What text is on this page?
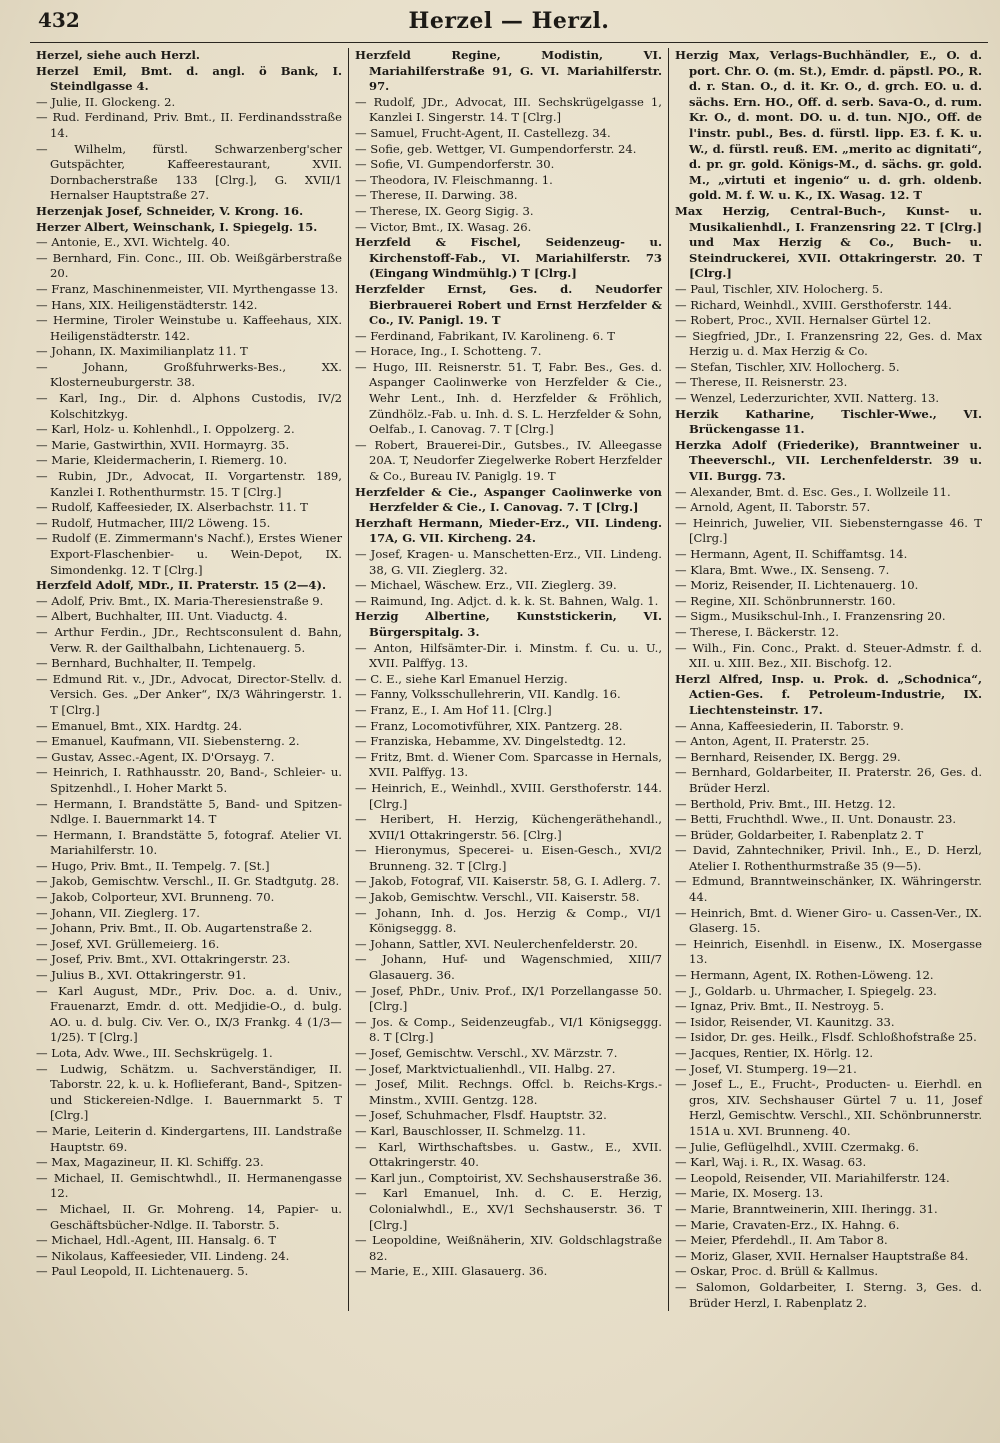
432	Herzel — Herzl.

Herzel, siehe auch Herzl.

Herzel Emil, Bmt. d. angl. ö Bank, I. Steindlgasse 4.

— Julie, II. Glockeng. 2.

— Rud. Ferdinand, Priv. Bmt., II. Ferdinandsstraße 14.

— Wilhelm, fürstl. Schwarzenberg'scher Gutspächter, Kaffeerestaurant, XVII. Dornbacherstraße 133 [Clrg.], G. XVII/1 Hernalser Hauptstraße 27.

Herzenjak Josef, Schneider, V. Krong. 16.

Herzer Albert, Weinschank, I. Spiegelg. 15.

— Antonie, E., XVI. Wichtelg. 40.

— Bernhard, Fin. Conc., III. Ob. Weißgärberstraße 20.

— Franz, Maschinenmeister, VII. Myrthengasse 13.

— Hans, XIX. Heiligenstädterstr. 142.

— Hermine, Tiroler Weinstube u. Kaffeehaus, XIX. Heiligenstädterstr. 142.

— Johann, IX. Maximilianplatz 11. T

— Johann, Großfuhrwerks-Bes., XX. Klosterneuburgerstr. 38.

— Karl, Ing., Dir. d. Alphons Custodis, IV/2 Kolschitzkyg.

— Karl, Holz- u. Kohlenhdl., I. Oppolzerg. 2.

— Marie, Gastwirthin, XVII. Hormayrg. 35.

— Marie, Kleidermacherin, I. Riemerg. 10.

— Rubin, JDr., Advocat, II. Vorgartenstr. 189, Kanzlei I. Rothenthurmstr. 15. T [Clrg.]

— Rudolf, Kaffeesieder, IX. Alserbachstr. 11. T

— Rudolf, Hutmacher, III/2 Löweng. 15.

— Rudolf (E. Zimmermann's Nachf.), Erstes Wiener Export-Flaschenbier- u. Wein-Depot, IX. Simondenkg. 12. T [Clrg.]

Herzfeld Adolf, MDr., II. Praterstr. 15 (2—4).

— Adolf, Priv. Bmt., IX. Maria-Theresienstraße 9.

— Albert, Buchhalter, III. Unt. Viaductg. 4.

— Arthur Ferdin., JDr., Rechtsconsulent d. Bahn, Verw. R. der Gailthalbahn, Lichtenauerg. 5.

— Bernhard, Buchhalter, II. Tempelg.

— Edmund Rit. v., JDr., Advocat, Director-Stellv. d. Versich. Ges. „Der Anker“, IX/3 Währingerstr. 1. T [Clrg.]

— Emanuel, Bmt., XIX. Hardtg. 24.

— Emanuel, Kaufmann, VII. Siebensterng. 2.

— Gustav, Assec.-Agent, IX. D'Orsayg. 7.

— Heinrich, I. Rathhausstr. 20, Band-, Schleier- u. Spitzenhdl., I. Hoher Markt 5.

— Hermann, I. Brandstätte 5, Band- und Spitzen-Ndlge. I. Bauernmarkt 14. T

— Hermann, I. Brandstätte 5, fotograf. Atelier VI. Mariahilferstr. 10.

— Hugo, Priv. Bmt., II. Tempelg. 7. [St.]

— Jakob, Gemischtw. Verschl., II. Gr. Stadtgutg. 28.

— Jakob, Colporteur, XVI. Brunneng. 70.

— Johann, VII. Zieglerg. 17.

— Johann, Priv. Bmt., II. Ob. Augartenstraße 2.

— Josef, XVI. Grüllemeierg. 16.

— Josef, Priv. Bmt., XVI. Ottakringerstr. 23.

— Julius B., XVI. Ottakringerstr. 91.

— Karl August, MDr., Priv. Doc. a. d. Univ., Frauenarzt, Emdr. d. ott. Medjidie-O., d. bulg. AO. u. d. bulg. Civ. Ver. O., IX/3 Frankg. 4 (1/3—1/25). T [Clrg.]

— Lota, Adv. Wwe., III. Sechskrügelg. 1.

— Ludwig, Schätzm. u. Sachverständiger, II. Taborstr. 22, k. u. k. Hoflieferant, Band-, Spitzen- und Stickereien-Ndlge. I. Bauernmarkt 5. T [Clrg.]

— Marie, Leiterin d. Kindergartens, III. Landstraße Hauptstr. 69.

— Max, Magazineur, II. Kl. Schiffg. 23.

— Michael, II. Gemischtwhdl., II. Hermanengasse 12.

— Michael, II. Gr. Mohreng. 14, Papier- u. Geschäftsbücher-Ndlge. II. Taborstr. 5.

— Michael, Hdl.-Agent, III. Hansalg. 6. T

— Nikolaus, Kaffeesieder, VII. Lindeng. 24.

— Paul Leopold, II. Lichtenauerg. 5.

Herzfeld Regine, Modistin, VI. Mariahilferstraße 91, G. VI. Mariahilferstr. 97.

— Rudolf, JDr., Advocat, III. Sechskrügelgasse 1, Kanzlei I. Singerstr. 14. T [Clrg.]

— Samuel, Frucht-Agent, II. Castellezg. 34.

— Sofie, geb. Wettger, VI. Gumpendorferstr. 24.

— Sofie, VI. Gumpendorferstr. 30.

— Theodora, IV. Fleischmanng. 1.

— Therese, II. Darwing. 38.

— Therese, IX. Georg Sigig. 3.

— Victor, Bmt., IX. Wasag. 26.

Herzfeld & Fischel, Seidenzeug- u. Kirchenstoff-Fab., VI. Mariahilferstr. 73 (Eingang Windmühlg.) T [Clrg.]

Herzfelder Ernst, Ges. d. Neudorfer Bierbrauerei Robert und Ernst Herzfelder & Co., IV. Panigl. 19. T

— Ferdinand, Fabrikant, IV. Karolineng. 6. T

— Horace, Ing., I. Schotteng. 7.

— Hugo, III. Reisnerstr. 51. T, Fabr. Bes., Ges. d. Aspanger Caolinwerke von Herzfelder & Cie., Wehr Lent., Inh. d. Herzfelder & Fröhlich, Zündhölz.-Fab. u. Inh. d. S. L. Herzfelder & Sohn, Oelfab., I. Canovag. 7. T [Clrg.]

— Robert, Brauerei-Dir., Gutsbes., IV. Alleegasse 20A. T, Neudorfer Ziegelwerke Robert Herzfelder & Co., Bureau IV. Paniglg. 19. T

Herzfelder & Cie., Aspanger Caolinwerke von Herzfelder & Cie., I. Canovag. 7. T [Clrg.]

Herzhaft Hermann, Mieder-Erz., VII. Lindeng. 17A, G. VII. Kircheng. 24.

— Josef, Kragen- u. Manschetten-Erz., VII. Lindeng. 38, G. VII. Zieglerg. 32.

— Michael, Wäschew. Erz., VII. Zieglerg. 39.

— Raimund, Ing. Adjct. d. k. k. St. Bahnen, Walg. 1.

Herzig Albertine, Kunststickerin, VI. Bürgerspitalg. 3.

— Anton, Hilfsämter-Dir. i. Minstm. f. Cu. u. U., XVII. Palffyg. 13.

— C. E., siehe Karl Emanuel Herzig.

— Fanny, Volksschullehrerin, VII. Kandlg. 16.

— Franz, E., I. Am Hof 11. [Clrg.]

— Franz, Locomotivführer, XIX. Pantzerg. 28.

— Franziska, Hebamme, XV. Dingelstedtg. 12.

— Fritz, Bmt. d. Wiener Com. Sparcasse in Hernals, XVII. Palffyg. 13.

— Heinrich, E., Weinhdl., XVIII. Gersthoferstr. 144. [Clrg.]

— Heribert, H. Herzig, Küchengeräthehandl., XVII/1 Ottakringerstr. 56. [Clrg.]

— Hieronymus, Specerei- u. Eisen-Gesch., XVI/2 Brunneng. 32. T [Clrg.]

— Jakob, Fotograf, VII. Kaiserstr. 58, G. I. Adlerg. 7.

— Jakob, Gemischtw. Verschl., VII. Kaiserstr. 58.

— Johann, Inh. d. Jos. Herzig & Comp., VI/1 Königseggg. 8.

— Johann, Sattler, XVI. Neulerchenfelderstr. 20.

— Johann, Huf- und Wagenschmied, XIII/7 Glasauerg. 36.

— Josef, PhDr., Univ. Prof., IX/1 Porzellangasse 50. [Clrg.]

— Jos. & Comp., Seidenzeugfab., VI/1 Königseggg. 8. T [Clrg.]

— Josef, Gemischtw. Verschl., XV. Märzstr. 7.

— Josef, Marktvictualienhdl., VII. Halbg. 27.

— Josef, Milit. Rechngs. Offcl. b. Reichs-Krgs.-Minstm., XVIII. Gentzg. 128.

— Josef, Schuhmacher, Flsdf. Hauptstr. 32.

— Karl, Bauschlosser, II. Schmelzg. 11.

— Karl, Wirthschaftsbes. u. Gastw., E., XVII. Ottakringerstr. 40.

— Karl jun., Comptoirist, XV. Sechshauserstraße 36.

— Karl Emanuel, Inh. d. C. E. Herzig, Colonialwhdl., E., XV/1 Sechshauserstr. 36. T [Clrg.]

— Leopoldine, Weißnäherin, XIV. Goldschlagstraße 82.

— Marie, E., XIII. Glasauerg. 36.

Herzig Max, Verlags-Buchhändler, E., O. d. port. Chr. O. (m. St.), Emdr. d. päpstl. PO., R. d. r. Stan. O., d. it. Kr. O., d. grch. EO. u. d. sächs. Ern. HO., Off. d. serb. Sava-O., d. rum. Kr. O., d. mont. DO. u. d. tun. NJO., Off. de l'instr. publ., Bes. d. fürstl. lipp. E3. f. K. u. W., d. fürstl. reuß. EM. „merito ac dignitati“, d. pr. gr. gold. Königs-M., d. sächs. gr. gold. M., „virtuti et ingenio“ u. d. grh. oldenb. gold. M. f. W. u. K., IX. Wasag. 12. T

Max Herzig, Central-Buch-, Kunst- u. Musikalienhdl., I. Franzensring 22. T [Clrg.] und Max Herzig & Co., Buch- u. Steindruckerei, XVII. Ottakringerstr. 20. T [Clrg.]

— Paul, Tischler, XIV. Holocherg. 5.

— Richard, Weinhdl., XVIII. Gersthoferstr. 144.

— Robert, Proc., XVII. Hernalser Gürtel 12.

— Siegfried, JDr., I. Franzensring 22, Ges. d. Max Herzig u. d. Max Herzig & Co.

— Stefan, Tischler, XIV. Hollocherg. 5.

— Therese, II. Reisnerstr. 23.

— Wenzel, Lederzurichter, XVII. Natterg. 13.

Herzik Katharine, Tischler-Wwe., VI. Brückengasse 11.

Herzka Adolf (Friederike), Branntweiner u. Theeverschl., VII. Lerchenfelderstr. 39 u. VII. Burgg. 73.

— Alexander, Bmt. d. Esc. Ges., I. Wollzeile 11.

— Arnold, Agent, II. Taborstr. 57.

— Heinrich, Juwelier, VII. Siebensterngasse 46. T [Clrg.]

— Hermann, Agent, II. Schiffamtsg. 14.

— Klara, Bmt. Wwe., IX. Senseng. 7.

— Moriz, Reisender, II. Lichtenauerg. 10.

— Regine, XII. Schönbrunnerstr. 160.

— Sigm., Musikschul-Inh., I. Franzensring 20.

— Therese, I. Bäckerstr. 12.

— Wilh., Fin. Conc., Prakt. d. Steuer-Admstr. f. d. XII. u. XIII. Bez., XII. Bischofg. 12.

Herzl Alfred, Insp. u. Prok. d. „Schodnica“, Actien-Ges. f. Petroleum-Industrie, IX. Liechtensteinstr. 17.

— Anna, Kaffeesiederin, II. Taborstr. 9.

— Anton, Agent, II. Praterstr. 25.

— Bernhard, Reisender, IX. Bergg. 29.

— Bernhard, Goldarbeiter, II. Praterstr. 26, Ges. d. Brüder Herzl.

— Berthold, Priv. Bmt., III. Hetzg. 12.

— Betti, Fruchthdl. Wwe., II. Unt. Donaustr. 23.

— Brüder, Goldarbeiter, I. Rabenplatz 2. T

— David, Zahntechniker, Privil. Inh., E., D. Herzl, Atelier I. Rothenthurmstraße 35 (9—5).

— Edmund, Branntweinschänker, IX. Währingerstr. 44.

— Heinrich, Bmt. d. Wiener Giro- u. Cassen-Ver., IX. Glaserg. 15.

— Heinrich, Eisenhdl. in Eisenw., IX. Mosergasse 13.

— Hermann, Agent, IX. Rothen-Löweng. 12.

— J., Goldarb. u. Uhrmacher, I. Spiegelg. 23.

— Ignaz, Priv. Bmt., II. Nestroyg. 5.

— Isidor, Reisender, VI. Kaunitzg. 33.

— Isidor, Dr. ges. Heilk., Flsdf. Schloßhofstraße 25.

— Jacques, Rentier, IX. Hörlg. 12.

— Josef, VI. Stumperg. 19—21.

— Josef L., E., Frucht-, Producten- u. Eierhdl. en gros, XIV. Sechshauser Gürtel 7 u. 11, Josef Herzl, Gemischtw. Verschl., XII. Schönbrunnerstr. 151A u. XVI. Brunneng. 40.

— Julie, Geflügelhdl., XVIII. Czermakg. 6.

— Karl, Waj. i. R., IX. Wasag. 63.

— Leopold, Reisender, VII. Mariahilferstr. 124.

— Marie, IX. Moserg. 13.

— Marie, Branntweinerin, XIII. Iheringg. 31.

— Marie, Cravaten-Erz., IX. Hahng. 6.

— Meier, Pferdehdl., II. Am Tabor 8.

— Moriz, Glaser, XVII. Hernalser Hauptstraße 84.

— Oskar, Proc. d. Brüll & Kallmus.

— Salomon, Goldarbeiter, I. Sterng. 3, Ges. d. Brüder Herzl, I. Rabenplatz 2.
